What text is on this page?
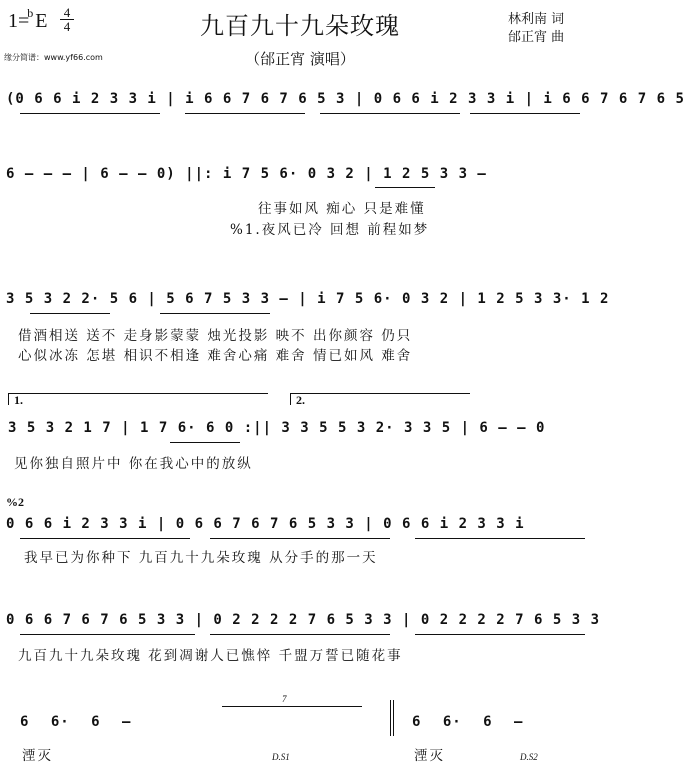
1=$^b$ E $\frac{4}{4}$	九百九十九朵玫瑰	林利南 词
邰正宵 曲
缘分简谱：www.yf66.com	（邰正宵 演唱）
(0 6 6 i 2 3 3 i | i 6 6 7 6 7 6 5 3 | 0 6 6 i 2 3 3 i | i 6 6 7 6 7 6 5
6 – – – | 6 – – 0) ||: i 7 5 6· 0 3 2 | 1 2 5 3 3 –
往事如风 痴心 只是难懂
%1.夜风已冷 回想 前程如梦
3 5 3 2 2· 5 6 | 5 6 7 5 3 3 – | i 7 5 6· 0 3 2 | 1 2 5 3 3· 1 2
借酒相送 送不 走身影蒙蒙 烛光投影 映不 出你颜容 仍只
心似冰冻 怎堪 相识不相逢 难舍心痛 难舍 情已如风 难舍
1.	2.
3 5 3 2 1 7 | 1 7 6· 6 0 :|| 3 3 5 5 3 2· 3 3 5 | 6 – – 0
见你独自照片中 你在我心中的放纵
%2
0 6 6 i 2 3 3 i | 0 6 6 7 6 7 6 5 3 3 | 0 6 6 i 2 3 3 i
我早已为你种下 九百九十九朵玫瑰 从分手的那一天
0 6 6 7 6 7 6 5 3 3 | 0 2 2 2 2 7 6 5 3 3 | 0 2 2 2 2 7 6 5 3 3
九百九十九朵玫瑰 花到凋谢人已憔悴 千盟万誓已随花事
6 6· 6 –
7
6 6· 6 –
湮灭	湮灭
D.S1	D.S2
